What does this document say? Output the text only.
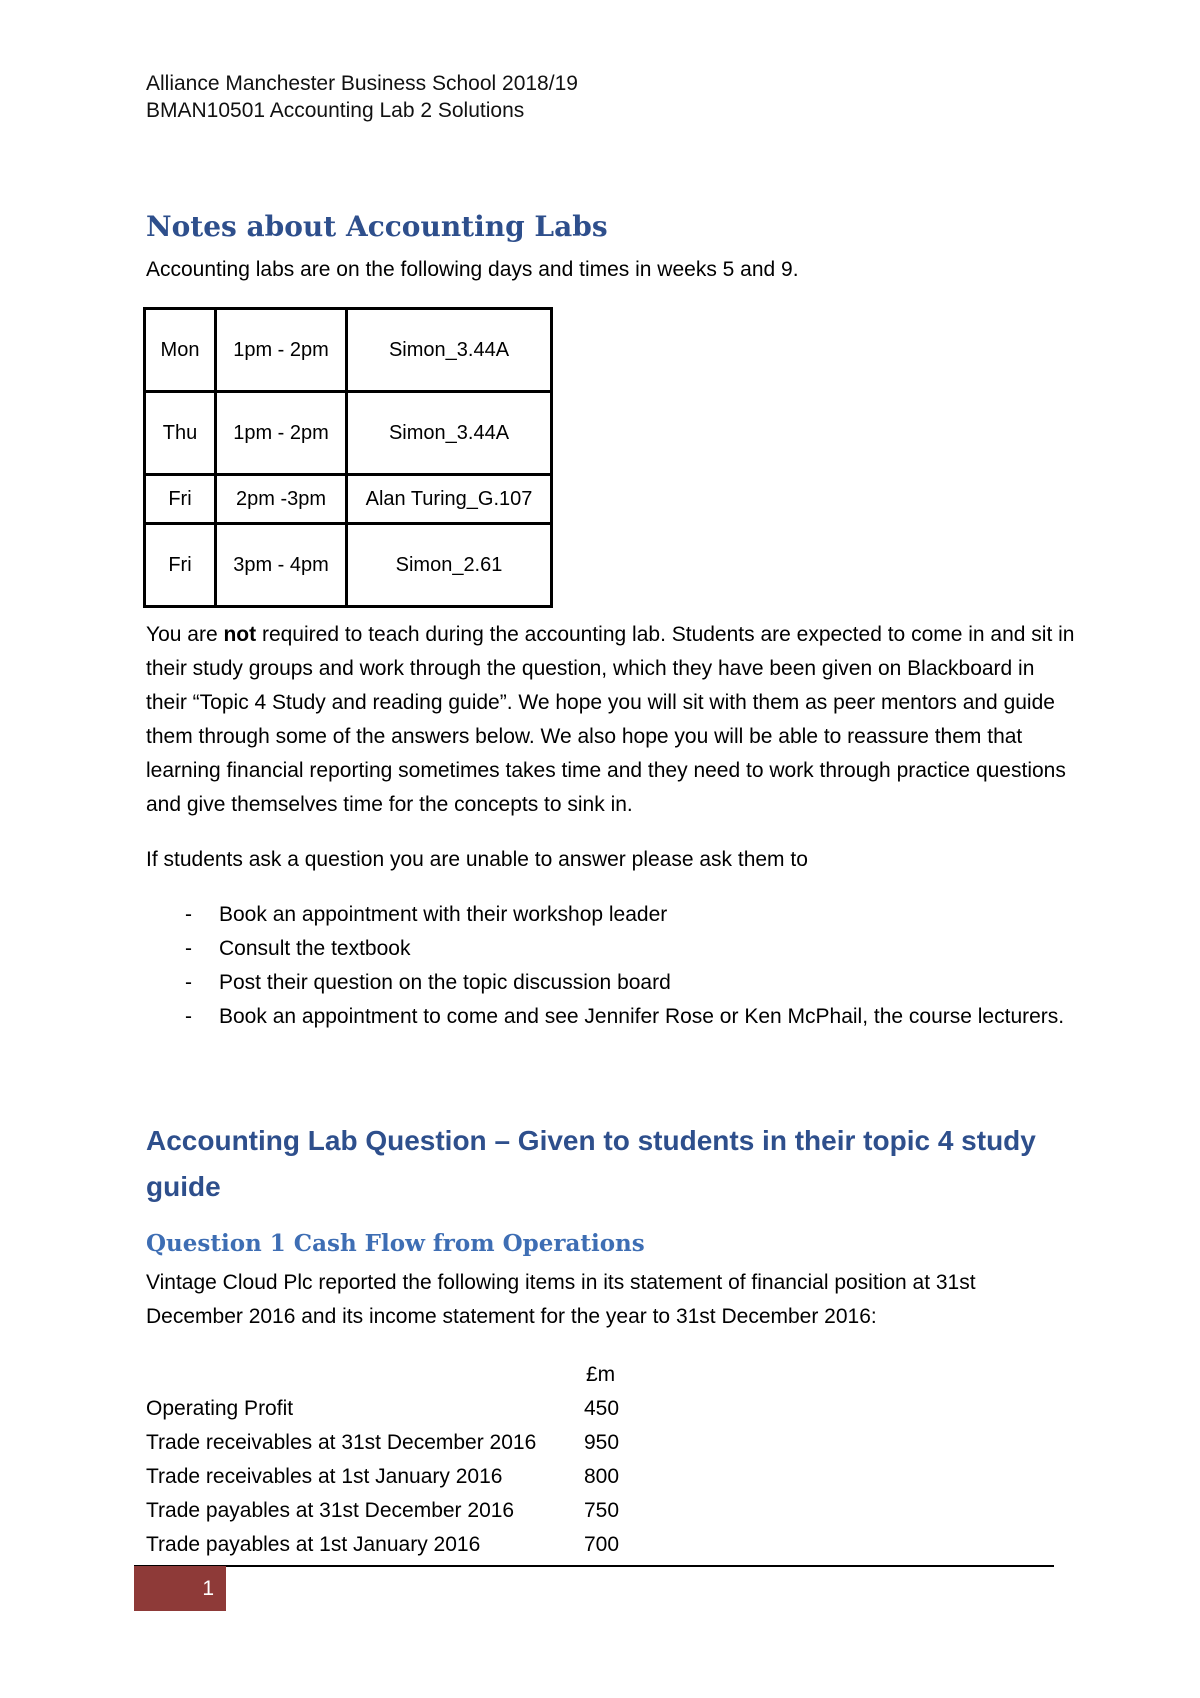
Alliance Manchester Business School 2018/19
BMAN10501 Accounting Lab 2 Solutions
Notes about Accounting Labs
Accounting labs are on the following days and times in weeks 5 and 9.
Mon	1pm - 2pm	Simon_3.44A
Thu	1pm - 2pm	Simon_3.44A
Fri	2pm -3pm	Alan Turing_G.107
Fri	3pm - 4pm	Simon_2.61

You are not required to teach during the accounting lab. Students are expected to come in and sit in their study groups and work through the question, which they have been given on Blackboard in their “Topic 4 Study and reading guide”. We hope you will sit with them as peer mentors and guide them through some of the answers below. We also hope you will be able to reassure them that learning financial reporting sometimes takes time and they need to work through practice questions and give themselves time for the concepts to sink in.

If students ask a question you are unable to answer please ask them to

- Book an appointment with their workshop leader
- Consult the textbook
- Post their question on the topic discussion board
- Book an appointment to come and see Jennifer Rose or Ken McPhail, the course lecturers.
Accounting Lab Question – Given to students in their topic 4 study guide
Question 1 Cash Flow from Operations

Vintage Cloud Plc reported the following items in its statement of financial position at 31st December 2016 and its income statement for the year to 31st December 2016:

£m
Operating Profit	450
Trade receivables at 31st December 2016 950
Trade receivables at 1st January 2016	800
Trade payables at 31st December 2016	750
Trade payables at 1st January 2016	700
1
